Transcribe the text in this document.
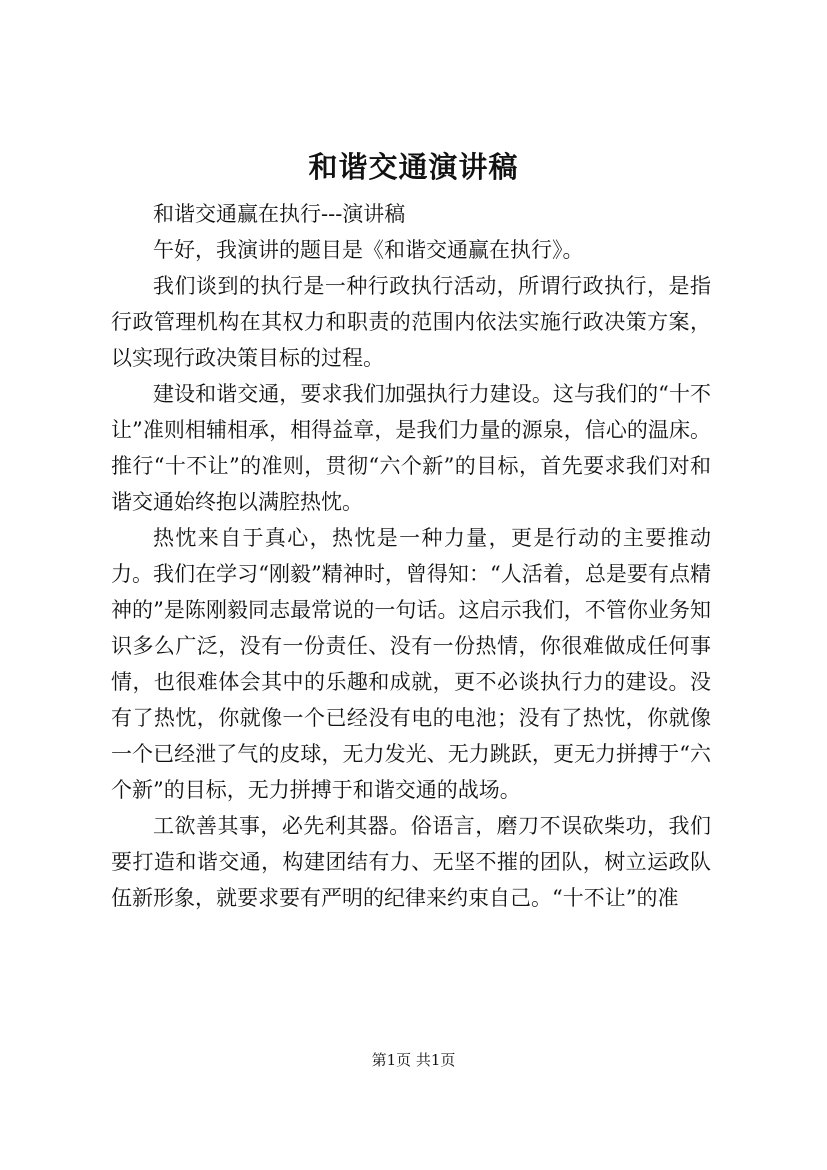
和谐交通演讲稿

和谐交通赢在执行---演讲稿

午好，我演讲的题目是《和谐交通赢在执行》。

我们谈到的执行是一种行政执行活动，所谓行政执行，是指行政管理机构在其权力和职责的范围内依法实施行政决策方案，以实现行政决策目标的过程。

建设和谐交通，要求我们加强执行力建设。这与我们的“十不让”准则相辅相承，相得益章，是我们力量的源泉，信心的温床。推行“十不让”的准则，贯彻“六个新”的目标，首先要求我们对和谐交通始终抱以满腔热忱。

热忱来自于真心，热忱是一种力量，更是行动的主要推动力。我们在学习“刚毅”精神时，曾得知：“人活着，总是要有点精神的”是陈刚毅同志最常说的一句话。这启示我们，不管你业务知识多么广泛，没有一份责任、没有一份热情，你很难做成任何事情，也很难体会其中的乐趣和成就，更不必谈执行力的建设。没有了热忱，你就像一个已经没有电的电池；没有了热忱，你就像一个已经泄了气的皮球，无力发光、无力跳跃，更无力拼搏于“六个新”的目标，无力拼搏于和谐交通的战场。

工欲善其事，必先利其器。俗语言，磨刀不误砍柴功，我们要打造和谐交通，构建团结有力、无坚不摧的团队，树立运政队伍新形象，就要求要有严明的纪律来约束自己。“十不让”的准

第1页 共1页
